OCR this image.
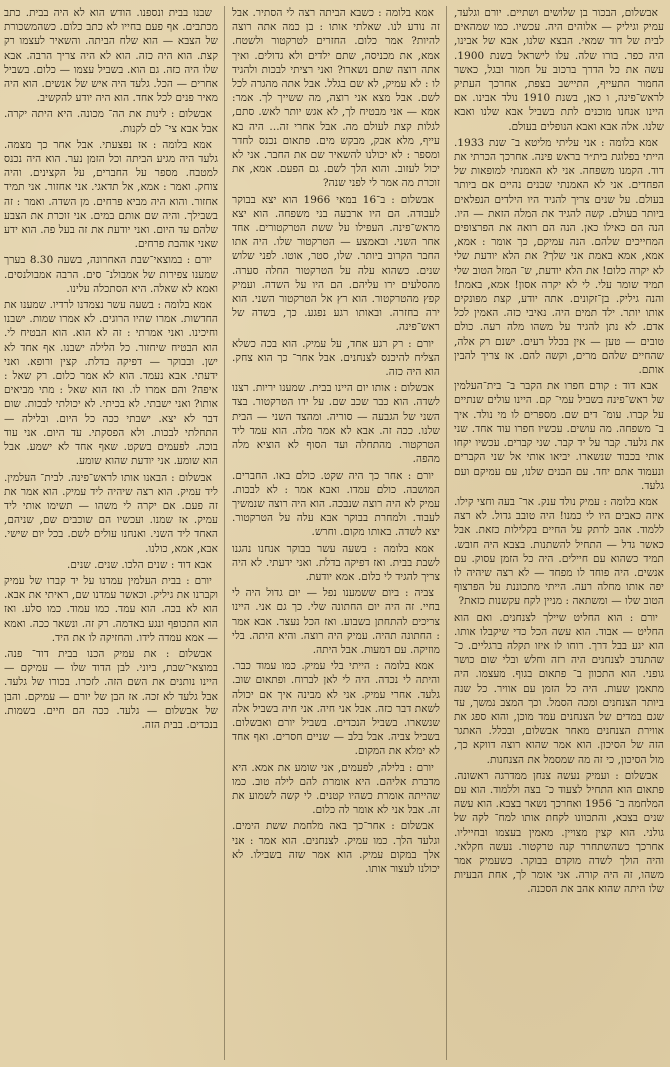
אבשלום, הבכור בן שלושים ושתיים. יורם וגלעד, עמיק וגיליק — אלוהים היה. עכשיו. כמו שמהאים לבית של דוד שמאי. הבצא שלנו, אבא של אבינו, היה כפר. בורו שלה. עלו לישראל בשנת 1900. עשה את כל הדרך ברכוב על חמור ובגל, כאשר החמור התעייף, התיישב בצפת, אחרכך העתיק לראש־פינה, ו כאן, בשנת 1910 נולד אבינו. אם היינו אנחנו מוכנים לתת בשביל אבא שלנו ואבא שלנו. אלה אבא ואבא הנופלים בעולם.

אמא בלומה : אני עליתי מליטא ב־ שנת 1933. הייתי בפלוגת בית״ר בראש פינה. אחרכך הכרתי את דוד. הקמנו משפחה. אני לא האמנתי למופאות של הפחדים. אני לא האמנתי שבנים נהיים אם ביותר בעולם. על שנים צריך להגיד היו הילדים הנפלאים ביותר בעולם. קשה להגיד את המלה הזאת — היו. הנה הם כאילו כאן. הנה הם רואה את הפרצופים המחייכים שלהם. הנה עמיקם, כך אומר : אמא, אמא, אמא באמת אני שלך? את הלא יודעת שלי לא יקרה כלום! את הלא יודעת, ש־ המזל הטוב שלי תמיד שומר עלי. לי לא יקרה אסון! אמא, באמת! והנה גיליק. בן־זקונים. אתה יודע, קצת מפונקים אותו יותר. ילד תמים היה. נאיבי כזה. האמין לכל אדם. לא נתן להגיד על משהו מלה רעה. כולם טובים — טען — אין בכלל רעים. ישנם רק אלה, שהחיים שלהם מרים, וקשה להם. אז צריך להבין אותם.

אבא דוד : קודם חפרו את הקבר ב־ בית־העלמין של ראש־פינה בשביל עמי־ קם. היינו עולים שנתיים על קברו. עומ־ דים שם. מספרים לו מי נולד. איך ב־ משפחה. מה עושים. עכשיו חפרו עוד אחד. שני את גלעד. קבר על יד קבר. שני קברים. עכשיו יקחו אותי בכבוד שנשארו. יביאו אותי אל שני הקברים ונעמוד אתם יחד. עם הבנים שלנו, עם עמיקם ועם גלעד.

אמא בלומה : עמיק נולד ענק. אר־ בעה וחצי קילו. איזה כאבים היו לי כמנו! היה טובב גדול. לא רצה ללמוד. אהב לרתק על החיים בקלילות כזאת. אבל כאשר גדל — התחיל להשתנות. בצבא היה חובש. תמיד כשהוא עם חיילים. היה כל הזמן עסוק. עם אנשים. היה פוחד לו מפחד — לא רצה שיהיה לו יפה אותו מחלה רעה. הייתי מתכוננת על הפרצוף הטוב שלו — ומשתאה : מניין לקח עקשנות כזאת?

יורם : הוא החליט שיילך לצנחנים. ואם הוא החליט — אבוד. הוא עשה הכל כדי שיקבלו אותו. הוא יגע בבל דרך. רוחו לו איזו תקלה ברגליים. כ־ שהתנדב לצנחנים היה רזה וחלש ובלי שום כושר גופני. הוא התכוון ב־ פתאום בגוף. מעצמו. היה מתאמן שעות. היה כל הזמן עם אוויר. כל שנה ביותר הצנחנים ומכה הסמל. וכך המצב נמשך, עד שגם במדים של הצנחנים עמד מוכן, והוא ספג את אווירת הצנחנים מאחר אבשלום, ובכלל. האתגר הזה של הסיכון. הוא אמר שהוא רוצה דווקא כך, מול הסיכון, כי זה מה שמסמל את הצנחנות.

אבשלום : ועמיק נעשה צנחן ממדרגה ראשונה. פתאום הוא התחיל לצעוד כ־ בצה וללמוד. הוא עם המלחמה ב־ 1956 ואחרכך נשאר בצבא. הוא עשה שנים בצבא, והתכוונו לקחת אותו למח־ לקה של גולני. הוא קצין מצויין. מאמין בעצמו ובחייליו. אחרכך כשהשתחרר קנה טרקטור. נעשה חקלאי. והיה הולך לשדה מוקדם בבוקר. כשעמיק אמר משהו, זה היה קורה. אני אומר לך, אחת הבעיות שלו היתה שהוא אהב את הסכנה.

אמא בלומה : כשבא הביתה רצה לי הסתיר. אבל זה נודע לנו. שאלתי אותו : בן כמה אתה רוצה להיות? אמר כלום. החזרים לטרקטור ולשטח. אמא, את מכניסה, שתם ילדים ולא גדולים. ואיך אתה רוצה שתם נשארו? ואני רציתי לבכות ולהגיד לו : לא עמיק, לא שם בגלל. אבל אתה מהגרה לכל לשם. אבל מצא אני רוצה, מה ששייך לך. אמר: אמא — אני מבטיח לך, לא אגש יותר לאש. סתם, לגלות קצת לעולם מה. אבל אחרי זה... היה בא עייף, מלא אבק, מבקש מים. פתאום נכנס לחדר ומספר : לא יכולנו להשאיר שם את החבר. אני לא יכול לעזוב. והוא הלך לשם. גם הפעם. אמא, את זוכרת מה אמר לי לפני שנה?

אבשלום : ב־16 במאי 1966 הוא יצא בבוקר לעבודה. הם היו ארבעה בני משפחה. הוא יצא מראש־פינה. העפילו על ששת הטרקטורים. אחד אחר השני. ובאמצע — הטרקטור שלו. היה אתו החבר הקרוב ביותר. שלו, סטר, אוטו. לפני שלוש שנים. כשהוא עלה על הטרקטור החלה סערה. מהסלעים ירו עליהם. הם היו על השדה. ועמיק קפץ מהטרקטור. הוא רץ אל הטרקטור השני. הוא ירה בחזרה. ובאותו רגע נפגע. כך, בשדה של ראש־פינה.

יורם : רק רגע אחד, על עמיק. הוא בכה כשלא הצליח להיכנס לצנחנים. אבל אחר־ כך הוא צחק. הוא היה כזה.

אבשלום : אותו יום היינו בבית. שמענו יריות. רצנו לשדה. הוא כבר שכב שם. על ידו הטרקטור. בצד השני של הגבעה — סוריה. ומהצד השני — הבית שלנו. ככה זה. אבא לא אמר מלה. הוא עמד ליד הטרקטור. מהתחלה ועד הסוף לא הוציא מלה מהפה.

יורם : אחר כך היה שקט. כולם באו. החברים. המושבה. כולם עמדו. ואבא אמר : לא לבכות. עמיק לא היה רוצה שנבכה. הוא היה רוצה שנמשיך לעבוד. ולמחרת בבוקר אבא עלה על הטרקטור. יצא לשדה. באותו מקום. וחרש.

אמא בלומה : בשעה עשר בבוקר אנחנו נהגנו לשבת בבית. ואז דפיקה בדלת. ואני ידעתי. לא היה צריך להגיד לי כלום. אמא יודעת.

צביה : ביום ששמענו נפל — יום גדול היה לי בחיי. זה היה יום החתונה שלי. כך גם אני. היינו צריכים להתחתן בשבוע. ואז הכל נעצר. אבא אמר : החתונה תהיה. עמיק היה רוצה. והיא היתה. בלי מוזיקה. עם דמעות. אבל היתה.

אמא בלומה : הייתי בלי עמיק. כמו עמוד כבר. והיתה לי נכדה. היה לי לאן לברוח. ופתאום שוב. גלעד. אחרי עמיק. אני לא מבינה איך אם יכולה לשאת דבר כזה. אבל אני חיה. אני חיה בשביל אלה שנשארו. בשביל הנכדים. בשביל יורם ואבשלום. בשביל צביה. אבל בלב — שניים חסרים. ואף אחד לא ימלא את המקום.

יורם : בלילה, לפעמים, אני שומע את אמא. היא מדברת אליהם. היא אומרת להם לילה טוב. כמו שהייתה אומרת כשהיו קטנים. לי קשה לשמוע את זה. אבל אני לא אומר לה כלום.

אבשלום : אחר־כך באה מלחמת ששת הימים. וגלעד הלך. כמו עמיק. לצנחנים. הוא אמר : אני אלך במקום עמיק. הוא אמר שזה בשבילו. לא יכולנו לעצור אותו.

שבנו בבית ונספנו. הודש הוא לא היה בבית. כתב מכתבים. אף פעם בחייו לא כתב כלום. כשהמשכורת של הצבא — הוא שלח הביתה. והשאיר לעצמו רק קצת. הוא היה כזה. הוא לא היה צריך הרבה. אבא שלו היה כזה. גם הוא. בשביל עצמו — כלום. בשביל אחרים — הכל. גלעד היה איש של אנשים. הוא היה מאיר פנים לכל אחד. הוא היה יודע להקשיב.

אבשלום : לינות את הה־ מכונה. היא היתה יקרה. אבל אבא צי־ לם לקנות.

אמא בלומה : אז נפצעתי. אבל אחר כך מצמה. גלעד היה מגיע הביתה וכל הזמן נער. הוא היה נכנס למטבח. מספר על החברים, על הקצינים. והיה צוחק. ואמר : אמא, אל תדאגי. אני אחזור. אני תמיד אחזור. והוא היה מביא פרחים. מן השדה. ואמר : זה בשבילך. והיה שם אותם במים. אני זוכרת את הצבע שלהם עד היום. ואני יודעת את זה בעל פה. הוא ידע שאני אוהבת פרחים.

יורם : במוצאי־שבת האחרונה, בשעה 8.30 בערך שמענו צפירות של אמבולנ־ סים. הרבה אמבולנסים. ואמא לא שאלה. היא הסתכלה עלינו.

אמא בלומה : בשעה עשר נצמדנו לרדיו. שמענו את החדשות. אמרו שהיו הרוגים. לא אמרו שמות. ישבנו וחיכינו. ואני אמרתי : זה לא הוא. הוא הבטיח לי. הוא הבטיח שיחזור. כל הלילה ישבנו. אף אחד לא ישן. ובבוקר — דפיקה בדלת. קצין ורופא. ואני ידעתי. אבא נעמד. הוא לא אמר כלום. רק שאל : איפה? והם אמרו לו. ואז הוא שאל : מתי מביאים אותו? ואני ישבתי. לא בכיתי. לא יכולתי לבכות. שום דבר לא יצא. ישבתי ככה כל היום. ובלילה — התחלתי לבכות. ולא הפסקתי. עד היום. אני עוד בוכה. לפעמים בשקט. שאף אחד לא ישמע. אבל הוא שומע. אני יודעת שהוא שומע.

אבשלום : הבאנו אותו לראש־פינה. לבית־ העלמין. ליד עמיק. הוא רצה שיהיה ליד עמיק. הוא אמר את זה פעם. אם יקרה לי משהו — תשימו אותי ליד עמיק. אז שמנו. ועכשיו הם שוכבים שם, שניהם, האחד ליד השני. ואנחנו עולים לשם. בכל יום שישי. אבא, אמא, כולנו.

אבא דוד : שנים הלכו. שנים. שנים.

יורם : בבית העלמין עמדנו על יד קברו של עמיק וקברנו את גיליק. וכאשר עמדנו שם, ראיתי את אבא. הוא לא בכה. הוא עמד. כמו עמוד. כמו סלע. ואז הוא התכופף ונגע באדמה. רק זה. ונשאר ככה. ואמא — אמא עמדה לידו. והחזיקה לו את היד.

אבשלום : את עמיק הכנו בבית דוד־ פנה. במוצאי־שבת, ביוני. לבן הדוד שלו — עמיקם — היינו נותנים את השם הזה. לזכרו. בכורו של גלעד. אבל גלעד לא זכה. אז הבן של יורם — עמיקם. והבן של אבשלום — גלעד. ככה הם חיים. בשמות. בנכדים. בבית הזה.
